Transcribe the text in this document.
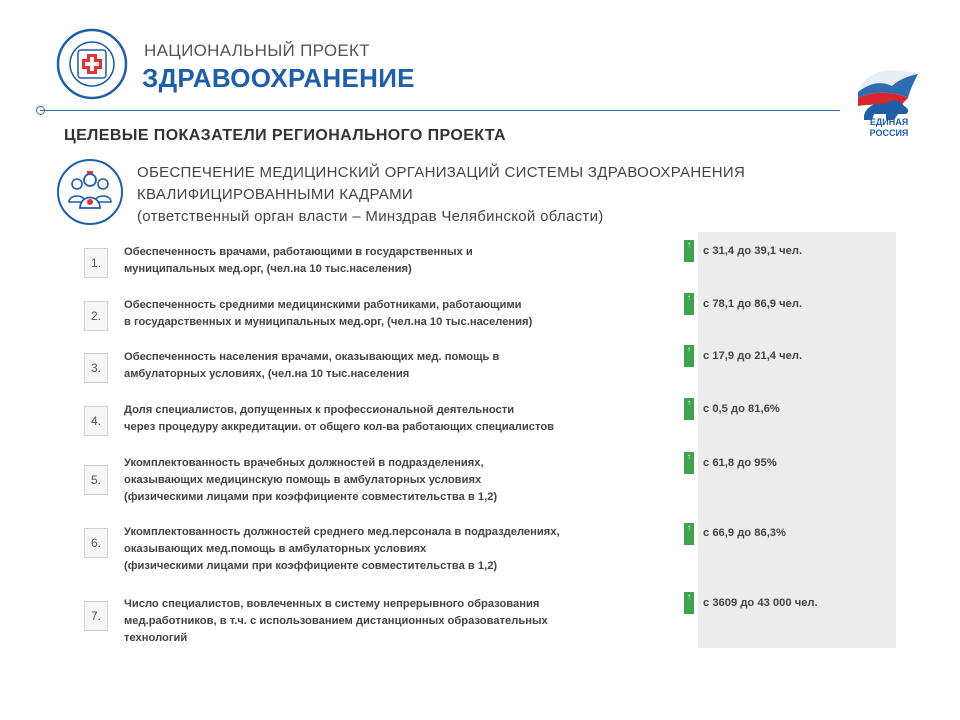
НАЦИОНАЛЬНЫЙ ПРОЕКТ
ЗДРАВООХРАНЕНИЕ
ЕДИНАЯ
РОССИЯ
ЦЕЛЕВЫЕ ПОКАЗАТЕЛИ РЕГИОНАЛЬНОГО ПРОЕКТА
ОБЕСПЕЧЕНИЕ МЕДИЦИНСКИЙ ОРГАНИЗАЦИЙ СИСТЕМЫ ЗДРАВООХРАНЕНИЯ
КВАЛИФИЦИРОВАННЫМИ КАДРАМИ
(ответственный орган власти – Минздрав Челябинской области)
1.
Обеспеченность врачами, работающими в государственных и
муниципальных мед.орг, (чел.на 10 тыс.населения)
↑
с 31,4 до 39,1 чел.
2.
Обеспеченность средними медицинскими работниками, работающими
в государственных и муниципальных мед.орг, (чел.на 10 тыс.населения)
↑
с 78,1 до 86,9 чел.
3.
Обеспеченность населения врачами, оказывающих мед. помощь в
амбулаторных условиях, (чел.на 10 тыс.населения
↑
с 17,9 до 21,4 чел.
4.
Доля специалистов, допущенных к профессиональной деятельности
через процедуру аккредитации. от общего кол-ва работающих специалистов
↑
с 0,5 до 81,6%
5.
Укомплектованность врачебных должностей в подразделениях,
оказывающих медицинскую помощь в амбулаторных условиях
(физическими лицами при коэффициенте совместительства в 1,2)
↑
с 61,8 до 95%
6.
Укомплектованность должностей среднего мед.персонала в подразделениях,
оказывающих мед.помощь в амбулаторных условиях
(физическими лицами при коэффициенте совместительства в 1,2)
↑ с 66,9 до 86,3%
7.
Число специалистов, вовлеченных в систему непрерывного образования
мед.работников, в т.ч. с использованием дистанционных образовательных
технологий
↑
с 3609 до 43 000 чел.
